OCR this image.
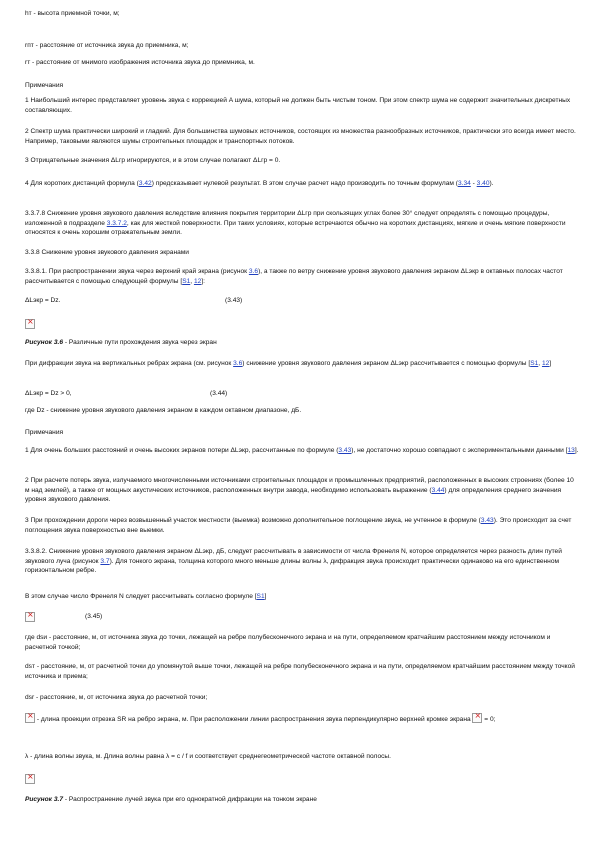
hт - высота приемной точки, м;

rпт - расстояние от источника звука до приемника, м;

rт - расстояние от мнимого изображения источника звука до приемника, м.

Примечания

1 Наибольший интерес представляет уровень звука с коррекцией A шума, который не должен быть чистым тоном. При этом спектр шума не содержит значительных дискретных составляющих.

2 Спектр шума практически широкий и гладкий. Для большинства шумовых источников, состоящих из множества разнообразных источников, практически это всегда имеет место. Например, таковыми являются шумы строительных площадок и транспортных потоков.

3 Отрицательные значения ΔLгр игнорируются, и в этом случае полагают ΔLгр = 0.

4 Для коротких дистанций формула (3.42) предсказывает нулевой результат. В этом случае расчет надо производить по точным формулам (3.34 - 3.40).

3.3.7.8 Снижение уровня звукового давления вследствие влияния покрытия территории ΔLгр при скользящих углах более 30° следует определять с помощью процедуры, изложенной в подразделе 3.3.7.2, как для жесткой поверхности. При таких условиях, которые встречаются обычно на коротких дистанциях, мягкие и очень мягкие поверхности относятся к очень хорошим отражательным земли.

3.3.8 Снижение уровня звукового давления экранами

3.3.8.1. При распространении звука через верхний край экрана (рисунок 3.6), а также по ветру снижение уровня звукового давления экраном ΔLэкр в октавных полосах частот рассчитывается с помощью следующей формулы [S1, 12]:

ΔLэкр = Dz.	(3.43)

×

Рисунок 3.6 - Различные пути прохождения звука через экран

При дифракции звука на вертикальных ребрах экрана (см. рисунок 3.6) снижение уровня звукового давления экраном ΔLэкр рассчитывается с помощью формулы [S1, 12]

ΔLэкр = Dz > 0,	(3.44)

где Dz - снижение уровня звукового давления экраном в каждом октавном диапазоне, дБ.

Примечания

1 Для очень больших расстояний и очень высоких экранов потери ΔLэкр, рассчитанные по формуле (3.43), не достаточно хорошо совпадают с экспериментальными данными [13].

2 При расчете потерь звука, излучаемого многочисленными источниками строительных площадок и промышленных предприятий, расположенных в высоких строениях (более 10 м над землей), а также от мощных акустических источников, расположенных внутри завода, необходимо использовать выражение (3.44) для определения среднего значения уровня звукового давления.

3 При прохождении дороги через возвышенный участок местности (выемка) возможно дополнительное поглощение звука, не учтенное в формуле (3.43). Это происходит за счет поглощения звука поверхностью вне выемки.

3.3.8.2. Снижение уровня звукового давления экраном ΔLэкр, дБ, следует рассчитывать в зависимости от числа Френеля N, которое определяется через разность длин путей звукового луча (рисунок 3.7). Для тонкого экрана, толщина которого много меньше длины волны λ, дифракция звука происходит практически одинаково на его единственном горизонтальном ребре.

В этом случае число Френеля N следует рассчитывать согласно формуле [S1]

×
(3.45)

где dsи - расстояние, м, от источника звука до точки, лежащей на ребре полубесконечного экрана и на пути, определяемом кратчайшим расстоянием между источником и расчетной точкой;

dsт - расстояние, м, от расчетной точки до упомянутой выше точки, лежащей на ребре полубесконечного экрана и на пути, определяемом кратчайшим расстоянием между точкой источника и приема;

dsr - расстояние, м, от источника звука до расчетной точки;

× - длина проекции отрезка SR на ребро экрана, м. При расположении линии распространения звука перпендикулярно верхней кромке экрана × = 0;

λ - длина волны звука, м. Длина волны равна λ = c / f и соответствует среднегеометрической частоте октавной полосы.

×

Рисунок 3.7 - Распространение лучей звука при его однократной дифракции на тонком экране
